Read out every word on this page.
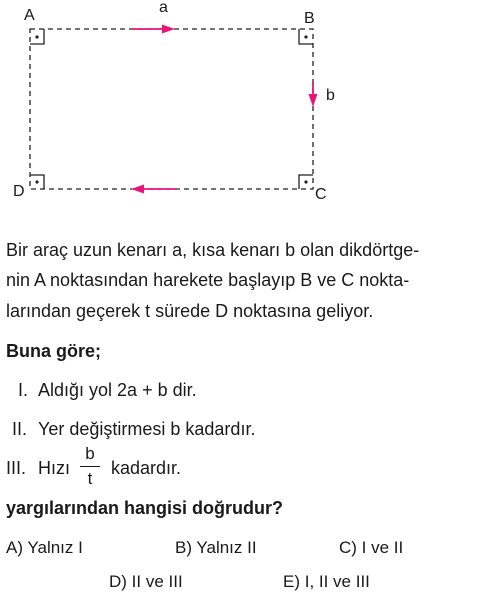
A	B
C
D
a
b
Bir araç uzun kenarı a, kısa kenarı b olan dikdörtge-
nin A noktasından harekete başlayıp B ve C nokta-
larından geçerek t sürede D noktasına geliyor.
Buna göre;
I. Aldığı yol 2a + b dir.
II. Yer değiştirmesi b kadardır.
III. Hızı
b
t
kadardır.
yargılarından hangisi doğrudur?
A) Yalnız I	B) Yalnız II	C) I ve II
D) II ve III	E) I, II ve III
